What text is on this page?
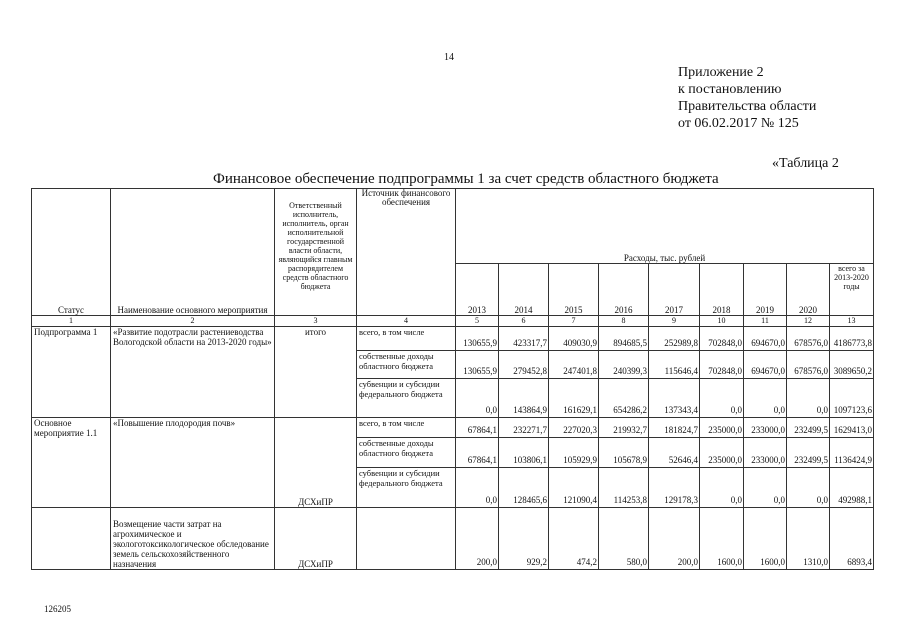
14
Приложение 2
к постановлению
Правительства области
от 06.02.2017 № 125
«Таблица 2
Финансовое обеспечение подпрограммы 1 за счет средств областного бюджета
Статус	Наименование основного мероприятия	Ответственный исполнитель, исполнитель, орган исполнительной государственной власти области, являющийся главным распорядителем средств областного бюджета	Источник финансового обеспечения	Расходы, тыс. рублей								
				2013	2014	2015	2016	2017	2018	2019	2020	всего за 2013-2020 годы
1	2	3	4	5	6	7	8	9	10	11	12	13
Подпрограмма 1	«Развитие подотрасли растениеводства Вологодской области на 2013-2020 годы»	итого	всего, в том числе	130655,9	423317,7	409030,9	894685,5	252989,8	702848,0	694670,0	678576,0	4186773,8
			собственные доходы областного бюджета	130655,9	279452,8	247401,8	240399,3	115646,4	702848,0	694670,0	678576,0	3089650,2
			субвенции и субсидии федерального бюджета	0,0	143864,9	161629,1	654286,2	137343,4	0,0	0,0	0,0	1097123,6
Основное мероприятие 1.1	«Повышение плодородия почв»	ДСХиПР	всего, в том числе	67864,1	232271,7	227020,3	219932,7	181824,7	235000,0	233000,0	232499,5	1629413,0
			собственные доходы областного бюджета	67864,1	103806,1	105929,9	105678,9	52646,4	235000,0	233000,0	232499,5	1136424,9
			субвенции и субсидии федерального бюджета	0,0	128465,6	121090,4	114253,8	129178,3	0,0	0,0	0,0	492988,1
	Возмещение части затрат на агрохимическое и экологотоксикологическое обследование земель сельскохозяйственного назначения	ДСХиПР		200,0	929,2	474,2	580,0	200,0	1600,0	1600,0	1310,0	6893,4
126205
